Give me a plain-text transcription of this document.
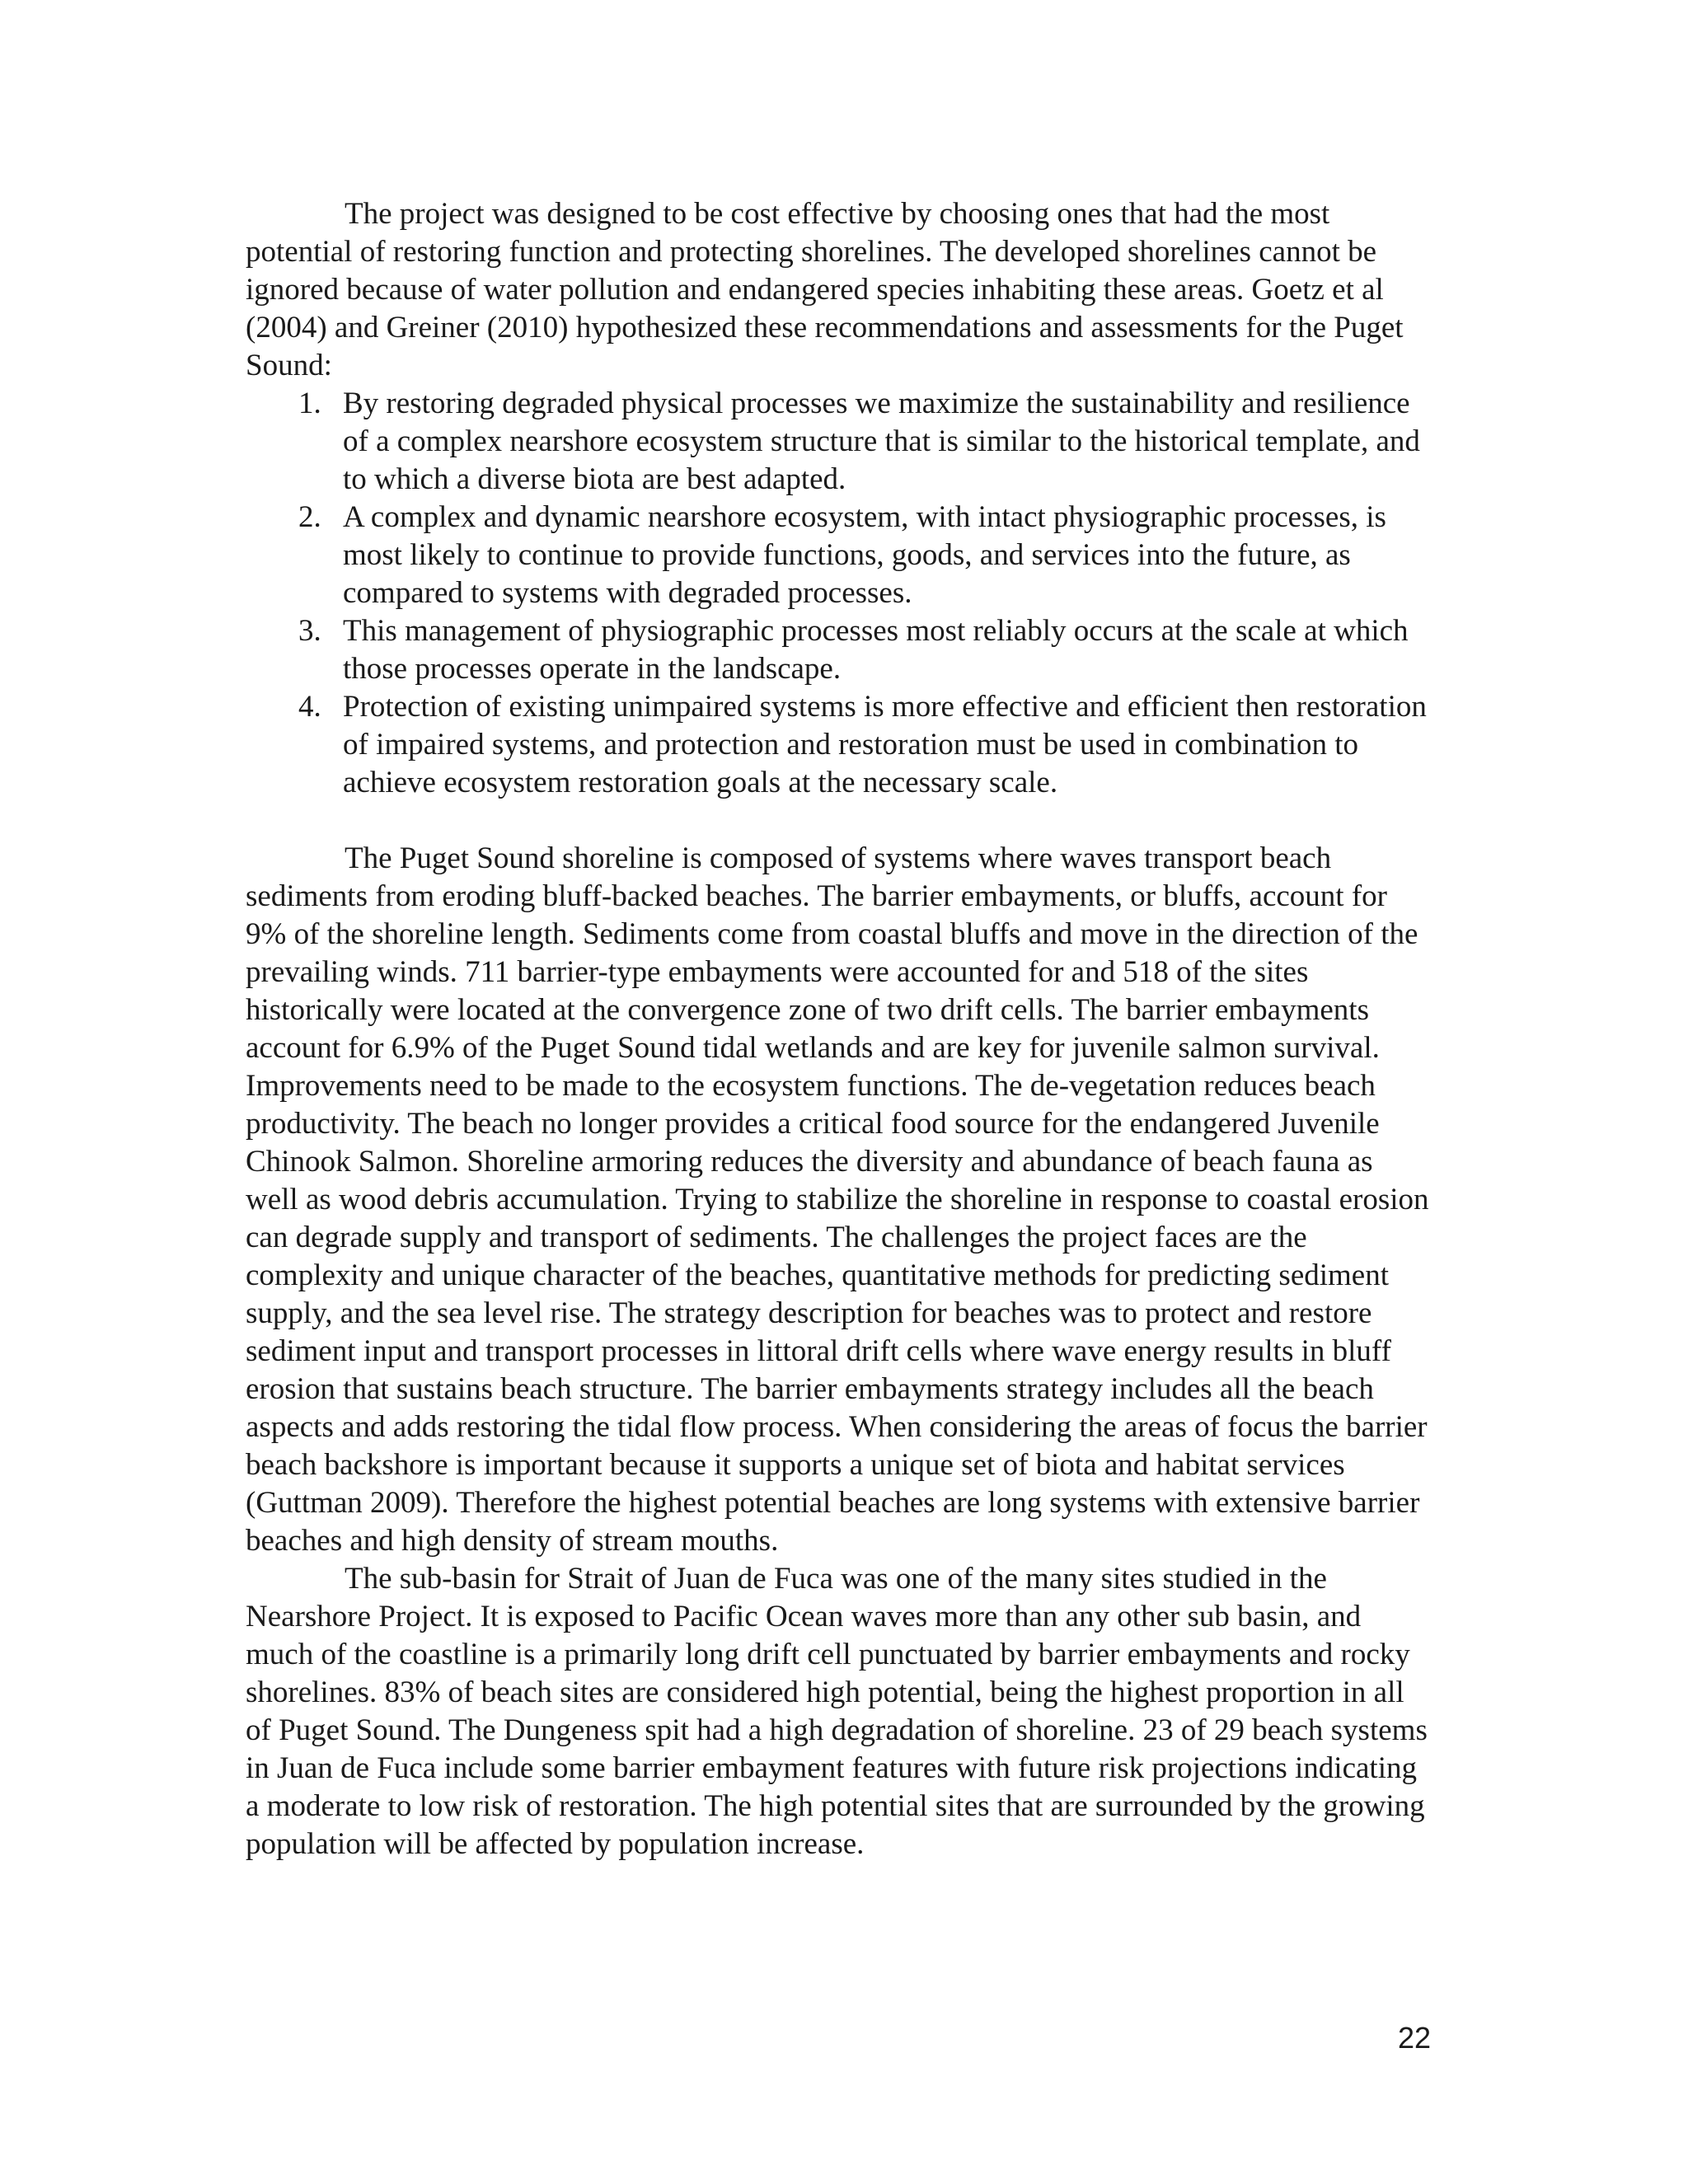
The project was designed to be cost effective by choosing ones that had the most potential of restoring function and protecting shorelines. The developed shorelines cannot be ignored because of water pollution and endangered species inhabiting these areas. Goetz et al (2004) and Greiner (2010) hypothesized these recommendations and assessments for the Puget Sound:

1. By restoring degraded physical processes we maximize the sustainability and resilience of a complex nearshore ecosystem structure that is similar to the historical template, and to which a diverse biota are best adapted.
2. A complex and dynamic nearshore ecosystem, with intact physiographic processes, is most likely to continue to provide functions, goods, and services into the future, as compared to systems with degraded processes.
3. This management of physiographic processes most reliably occurs at the scale at which those processes operate in the landscape.
4. Protection of existing unimpaired systems is more effective and efficient then restoration of impaired systems, and protection and restoration must be used in combination to achieve ecosystem restoration goals at the necessary scale.

The Puget Sound shoreline is composed of systems where waves transport beach sediments from eroding bluff-backed beaches. The barrier embayments, or bluffs, account for 9% of the shoreline length. Sediments come from coastal bluffs and move in the direction of the prevailing winds. 711 barrier-type embayments were accounted for and 518 of the sites historically were located at the convergence zone of two drift cells. The barrier embayments account for 6.9% of the Puget Sound tidal wetlands and are key for juvenile salmon survival. Improvements need to be made to the ecosystem functions. The de-vegetation reduces beach productivity. The beach no longer provides a critical food source for the endangered Juvenile Chinook Salmon. Shoreline armoring reduces the diversity and abundance of beach fauna as well as wood debris accumulation. Trying to stabilize the shoreline in response to coastal erosion can degrade supply and transport of sediments. The challenges the project faces are the complexity and unique character of the beaches, quantitative methods for predicting sediment supply, and the sea level rise. The strategy description for beaches was to protect and restore sediment input and transport processes in littoral drift cells where wave energy results in bluff erosion that sustains beach structure. The barrier embayments strategy includes all the beach aspects and adds restoring the tidal flow process. When considering the areas of focus the barrier beach backshore is important because it supports a unique set of biota and habitat services (Guttman 2009). Therefore the highest potential beaches are long systems with extensive barrier beaches and high density of stream mouths.

The sub-basin for Strait of Juan de Fuca was one of the many sites studied in the Nearshore Project. It is exposed to Pacific Ocean waves more than any other sub basin, and much of the coastline is a primarily long drift cell punctuated by barrier embayments and rocky shorelines. 83% of beach sites are considered high potential, being the highest proportion in all of Puget Sound. The Dungeness spit had a high degradation of shoreline. 23 of 29 beach systems in Juan de Fuca include some barrier embayment features with future risk projections indicating a moderate to low risk of restoration. The high potential sites that are surrounded by the growing population will be affected by population increase.

22
